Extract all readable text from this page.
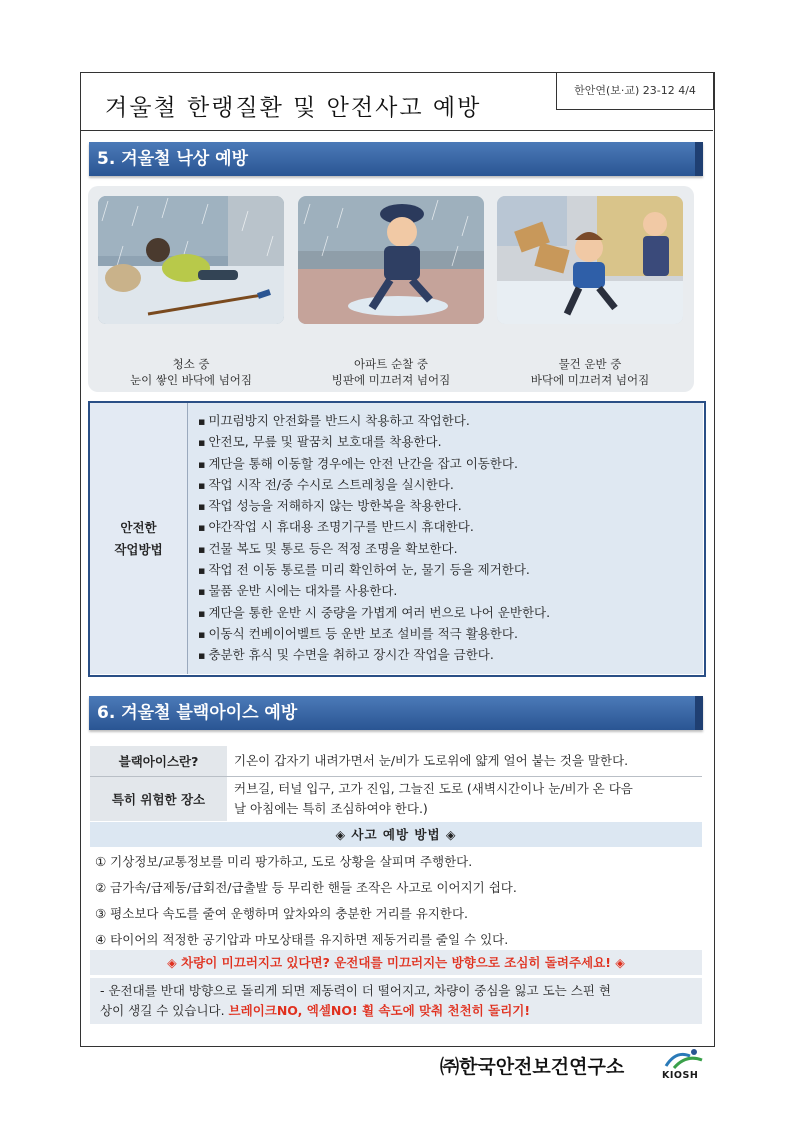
겨울철 한랭질환 및 안전사고 예방
한안연(보·교) 23-12 4/4
5. 겨울철 낙상 예방
청소 중
눈이 쌓인 바닥에 넘어짐
아파트 순찰 중
빙판에 미끄러져 넘어짐
물건 운반 중
바닥에 미끄러져 넘어짐
안전한
작업방법
▪ 미끄럼방지 안전화를 반드시 착용하고 작업한다.
▪ 안전모, 무릎 및 팔꿈치 보호대를 착용한다.
▪ 계단을 통해 이동할 경우에는 안전 난간을 잡고 이동한다.
▪ 작업 시작 전/중 수시로 스트레칭을 실시한다.
▪ 작업 성능을 저해하지 않는 방한복을 착용한다.
▪ 야간작업 시 휴대용 조명기구를 반드시 휴대한다.
▪ 건물 복도 및 통로 등은 적정 조명을 확보한다.
▪ 작업 전 이동 통로를 미리 확인하여 눈, 물기 등을 제거한다.
▪ 물품 운반 시에는 대차를 사용한다.
▪ 계단을 통한 운반 시 중량을 가볍게 여러 번으로 나어 운반한다.
▪ 이동식 컨베이어벨트 등 운반 보조 설비를 적극 활용한다.
▪ 충분한 휴식 및 수면을 취하고 장시간 작업을 금한다.
6. 겨울철 블랙아이스 예방
블랙아이스란?	기온이 갑자기 내려가면서 눈/비가 도로위에 얇게 얼어 붙는 것을 말한다.
특히 위험한 장소
커브길, 터널 입구, 고가 진입, 그늘진 도로 (새벽시간이나 눈/비가 온 다음
날 아침에는 특히 조심하여야 한다.)
◈ 사고 예방 방법 ◈
① 기상정보/교통정보를 미리 팡가하고, 도로 상황을 살피며 주행한다.
② 금가속/급제동/급회전/급출발 등 무리한 핸들 조작은 사고로 이어지기 쉽다.
③ 평소보다 속도를 줄여 운행하며 앞차와의 충분한 거리를 유지한다.
④ 타이어의 적정한 공기압과 마모상태를 유지하면 제동거리를 줄일 수 있다.
◈ 차량이 미끄러지고 있다면? 운전대를 미끄러지는 방향으로 조심히 돌려주세요! ◈
- 운전대를 반대 방향으로 돌리게 되면 제동력이 더 떨어지고, 차량이 중심을 잃고 도는 스핀 현
상이 생길 수 있습니다. 브레이크NO, 엑셀NO! 휠 속도에 맞춰 천천히 돌리기!
㈜한국안전보건연구소	KIOSH
